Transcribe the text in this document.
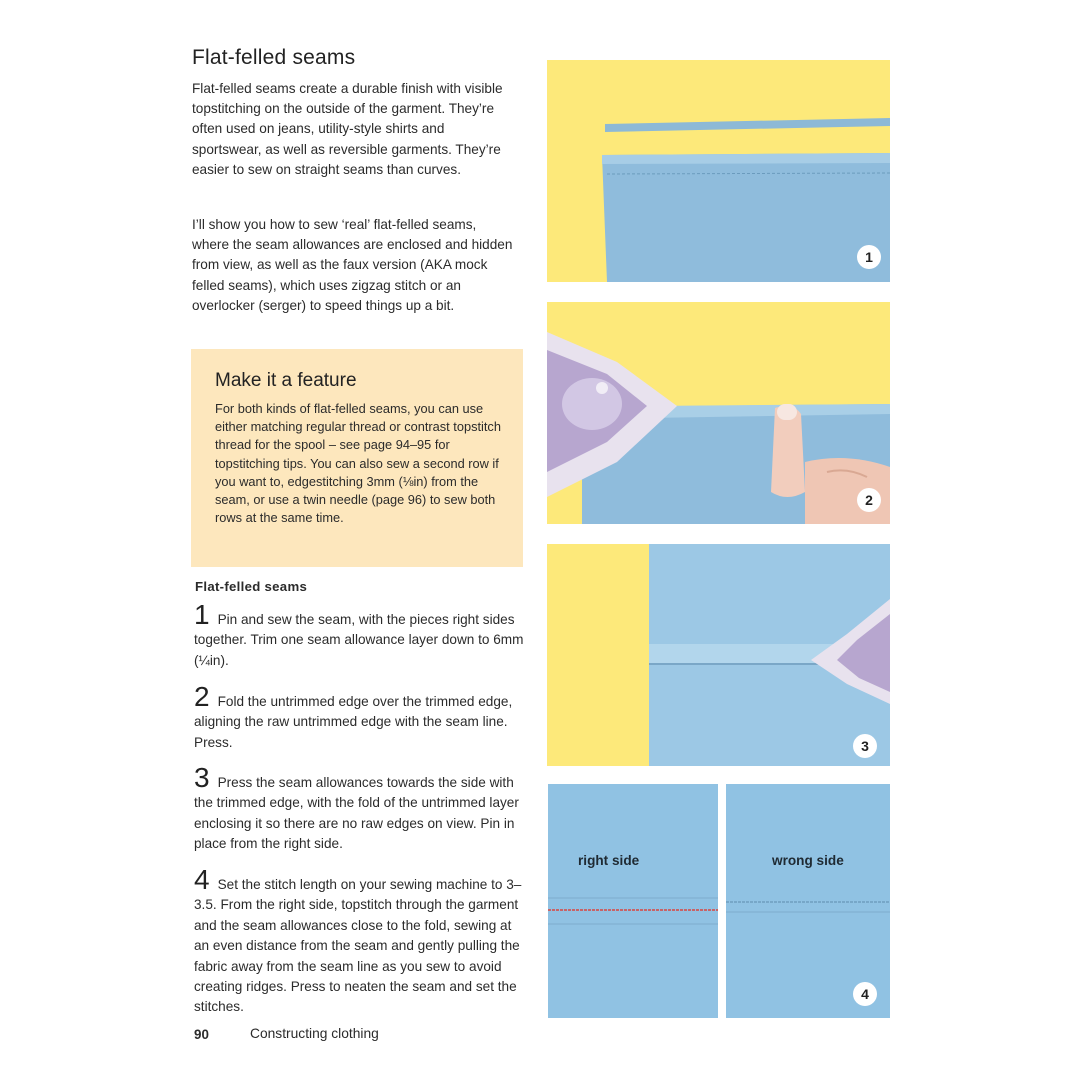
Flat-felled seams

Flat-felled seams create a durable finish with visible topstitching on the outside of the garment. They’re often used on jeans, utility-style shirts and sportswear, as well as reversible garments. They’re easier to sew on straight seams than curves.

I’ll show you how to sew ‘real’ flat-felled seams, where the seam allowances are enclosed and hidden from view, as well as the faux version (AKA mock felled seams), which uses zigzag stitch or an overlocker (serger) to speed things up a bit.

Make it a feature

For both kinds of flat-felled seams, you can use either matching regular thread or contrast topstitch thread for the spool – see page 94–95 for topstitching tips. You can also sew a second row if you want to, edgestitching 3mm (⅛in) from the seam, or use a twin needle (page 96) to sew both rows at the same time.

Flat-felled seams

1 Pin and sew the seam, with the pieces right sides together. Trim one seam allowance layer down to 6mm (¼in).

2 Fold the untrimmed edge over the trimmed edge, aligning the raw untrimmed edge with the seam line. Press.

3 Press the seam allowances towards the side with the trimmed edge, with the fold of the untrimmed layer enclosing it so there are no raw edges on view. Pin in place from the right side.

4 Set the stitch length on your sewing machine to 3–3.5. From the right side, topstitch through the garment and the seam allowances close to the fold, sewing at an even distance from the seam and gently pulling the fabric away from the seam line as you sew to avoid creating ridges. Press to neaten the seam and set the stitches.

90	Constructing clothing
1
2
3
right side	wrong side
4
